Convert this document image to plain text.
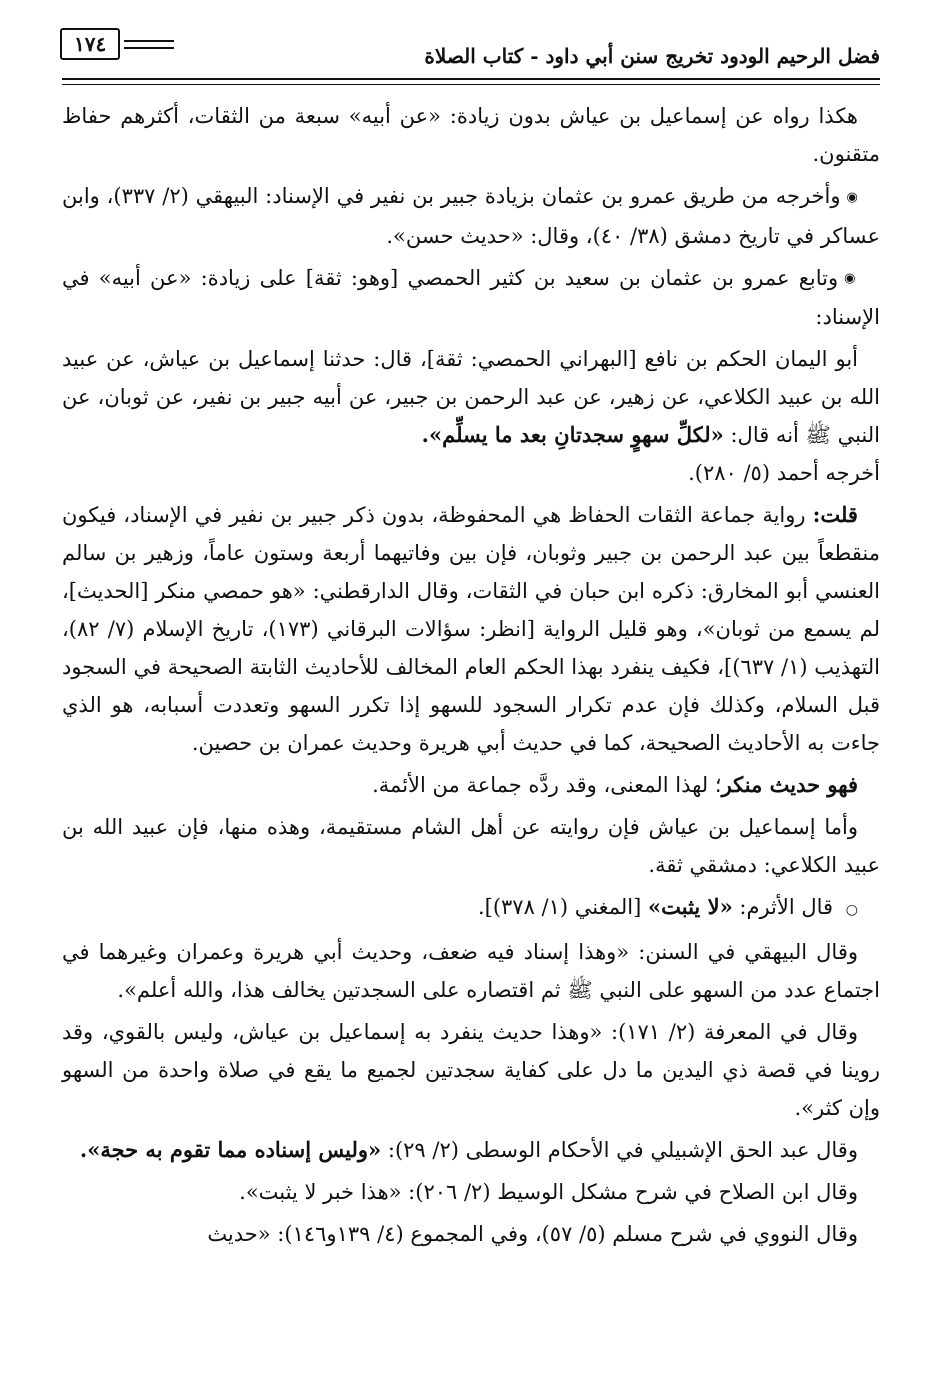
فضل الرحيم الودود تخريج سنن أبي داود - كتاب الصلاة
١٧٤

هكذا رواه عن إسماعيل بن عياش بدون زيادة: «عن أبيه» سبعة من الثقات، أكثرهم حفاظ متقنون.

◉ وأخرجه من طريق عمرو بن عثمان بزيادة جبير بن نفير في الإسناد: البيهقي (٢/ ٣٣٧)، وابن عساكر في تاريخ دمشق (٣٨/ ٤٠)، وقال: «حديث حسن».

◉ وتابع عمرو بن عثمان بن سعيد بن كثير الحمصي [وهو: ثقة] على زيادة: «عن أبيه» في الإسناد:

أبو اليمان الحكم بن نافع [البهراني الحمصي: ثقة]، قال: حدثنا إسماعيل بن عياش، عن عبيد الله بن عبيد الكلاعي، عن زهير، عن عبد الرحمن بن جبير، عن أبيه جبير بن نفير، عن ثوبان، عن النبي ﷺ أنه قال: «لكلِّ سهوٍ سجدتانِ بعد ما يسلِّم».
أخرجه أحمد (٥/ ٢٨٠).

قلت: رواية جماعة الثقات الحفاظ هي المحفوظة، بدون ذكر جبير بن نفير في الإسناد، فيكون منقطعاً بين عبد الرحمن بن جبير وثوبان، فإن بين وفاتيهما أربعة وستون عاماً، وزهير بن سالم العنسي أبو المخارق: ذكره ابن حبان في الثقات، وقال الدارقطني: «هو حمصي منكر [الحديث]، لم يسمع من ثوبان»، وهو قليل الرواية [انظر: سؤالات البرقاني (١٧٣)، تاريخ الإسلام (٧/ ٨٢)، التهذيب (١/ ٦٣٧)]، فكيف ينفرد بهذا الحكم العام المخالف للأحاديث الثابتة الصحيحة في السجود قبل السلام، وكذلك فإن عدم تكرار السجود للسهو إذا تكرر السهو وتعددت أسبابه، هو الذي جاءت به الأحاديث الصحيحة، كما في حديث أبي هريرة وحديث عمران بن حصين.

فهو حديث منكر؛ لهذا المعنى، وقد ردَّه جماعة من الأئمة.

وأما إسماعيل بن عياش فإن روايته عن أهل الشام مستقيمة، وهذه منها، فإن عبيد الله بن عبيد الكلاعي: دمشقي ثقة.

○ قال الأثرم: «لا يثبت» [المغني (١/ ٣٧٨)].

وقال البيهقي في السنن: «وهذا إسناد فيه ضعف، وحديث أبي هريرة وعمران وغيرهما في اجتماع عدد من السهو على النبي ﷺ ثم اقتصاره على السجدتين يخالف هذا، والله أعلم».

وقال في المعرفة (٢/ ١٧١): «وهذا حديث ينفرد به إسماعيل بن عياش، وليس بالقوي، وقد روينا في قصة ذي اليدين ما دل على كفاية سجدتين لجميع ما يقع في صلاة واحدة من السهو وإن كثر».

وقال عبد الحق الإشبيلي في الأحكام الوسطى (٢/ ٢٩): «وليس إسناده مما تقوم به حجة».

وقال ابن الصلاح في شرح مشكل الوسيط (٢/ ٢٠٦): «هذا خبر لا يثبت».

وقال النووي في شرح مسلم (٥/ ٥٧)، وفي المجموع (٤/ ١٣٩و١٤٦): «حديث
